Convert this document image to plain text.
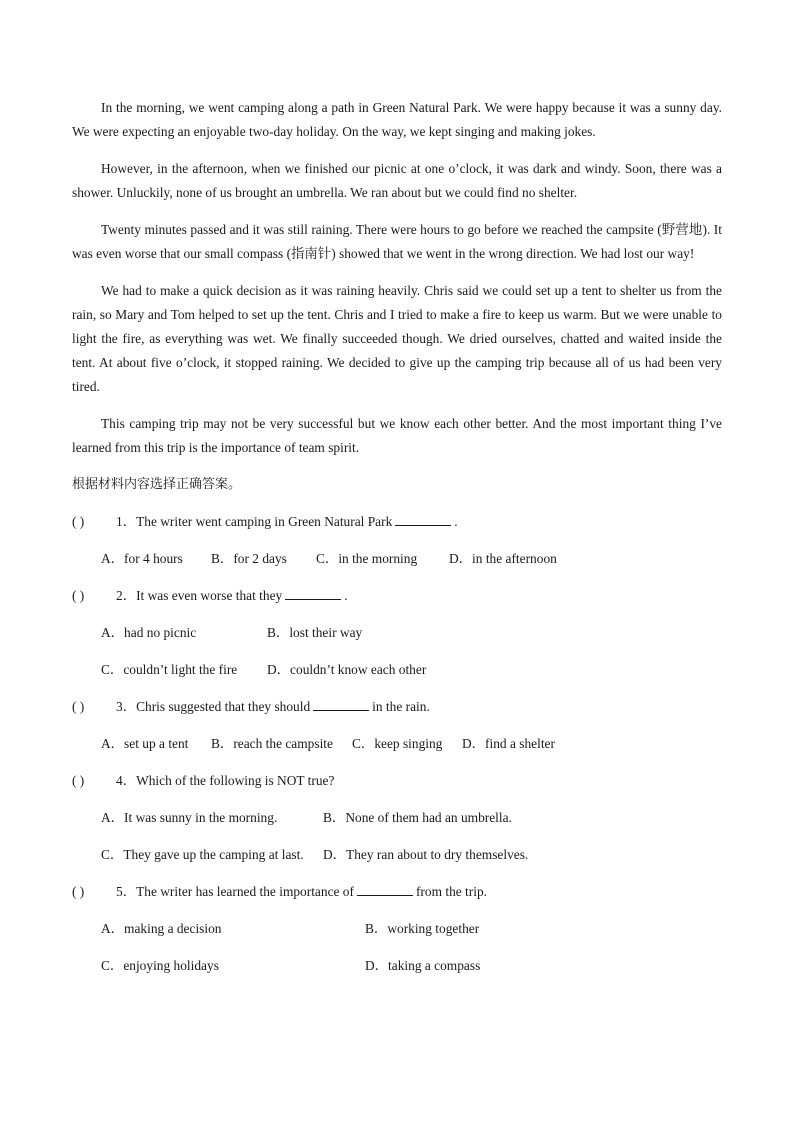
In the morning, we went camping along a path in Green Natural Park. We were happy because it was a sunny day. We were expecting an enjoyable two-day holiday. On the way, we kept singing and making jokes.

However, in the afternoon, when we finished our picnic at one o’clock, it was dark and windy. Soon, there was a shower. Unluckily, none of us brought an umbrella. We ran about but we could find no shelter.

Twenty minutes passed and it was still raining. There were hours to go before we reached the campsite (野营地). It was even worse that our small compass (指南针) showed that we went in the wrong direction. We had lost our way!

We had to make a quick decision as it was raining heavily. Chris said we could set up a tent to shelter us from the rain, so Mary and Tom helped to set up the tent. Chris and I tried to make a fire to keep us warm. But we were unable to light the fire, as everything was wet. We finally succeeded though. We dried ourselves, chatted and waited inside the tent. At about five o’clock, it stopped raining. We decided to give up the camping trip because all of us had been very tired.

This camping trip may not be very successful but we know each other better. And the most important thing I’ve learned from this trip is the importance of team spirit.

根据材料内容选择正确答案。

( ) 1．The writer went camping in Green Natural Park	.
A．for 4 hours B．for 2 days C．in the morning D．in the afternoon
( ) 2．It was even worse that they	.
A．had no picnic	B．lost their way
C．couldn’t light the fire D．couldn’t know each other
( ) 3．Chris suggested that they should	in the rain.
A．set up a tent B．reach the campsite C．keep singing D．find a shelter
( ) 4．Which of the following is NOT true?
A．It was sunny in the morning.	B．None of them had an umbrella.
C．They gave up the camping at last. D．They ran about to dry themselves.
( ) 5．The writer has learned the importance of	from the trip.
A．making a decision	B．working together
C．enjoying holidays	D．taking a compass
